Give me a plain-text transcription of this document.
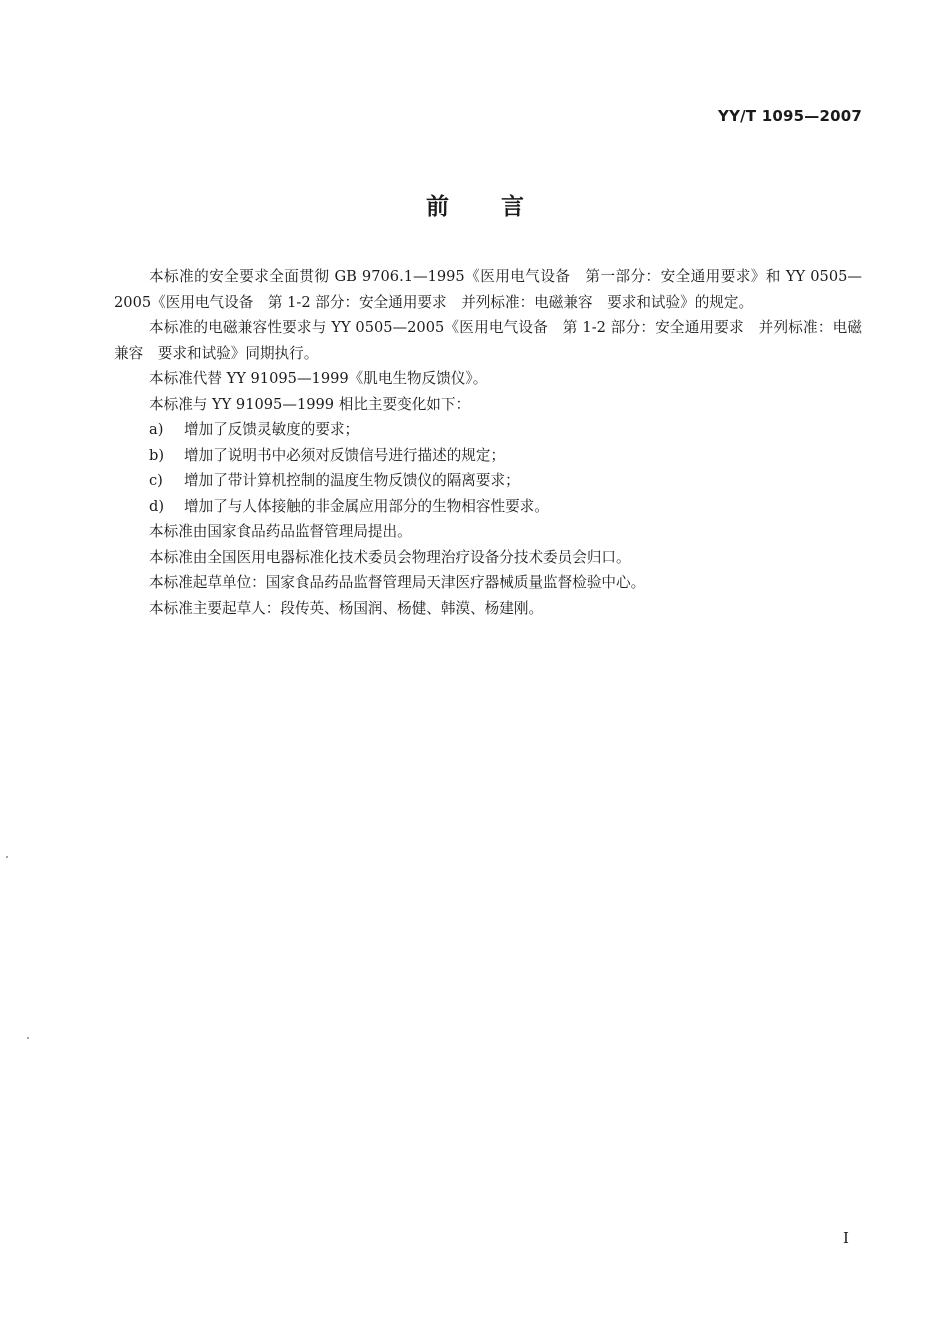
YY/T 1095—2007
前言

本标准的安全要求全面贯彻 GB 9706.1—1995《医用电气设备　第一部分：安全通用要求》和 YY 0505—2005《医用电气设备　第 1-2 部分：安全通用要求　并列标准：电磁兼容　要求和试验》的规定。

本标准的电磁兼容性要求与 YY 0505—2005《医用电气设备　第 1-2 部分：安全通用要求　并列标准：电磁兼容　要求和试验》同期执行。

本标准代替 YY 91095—1999《肌电生物反馈仪》。

本标准与 YY 91095—1999 相比主要变化如下：

a)	增加了反馈灵敏度的要求；
b)	增加了说明书中必须对反馈信号进行描述的规定；
c)	增加了带计算机控制的温度生物反馈仪的隔离要求；
d)	增加了与人体接触的非金属应用部分的生物相容性要求。

本标准由国家食品药品监督管理局提出。

本标准由全国医用电器标准化技术委员会物理治疗设备分技术委员会归口。

本标准起草单位：国家食品药品监督管理局天津医疗器械质量监督检验中心。

本标准主要起草人：段传英、杨国润、杨健、韩漠、杨建刚。

I
